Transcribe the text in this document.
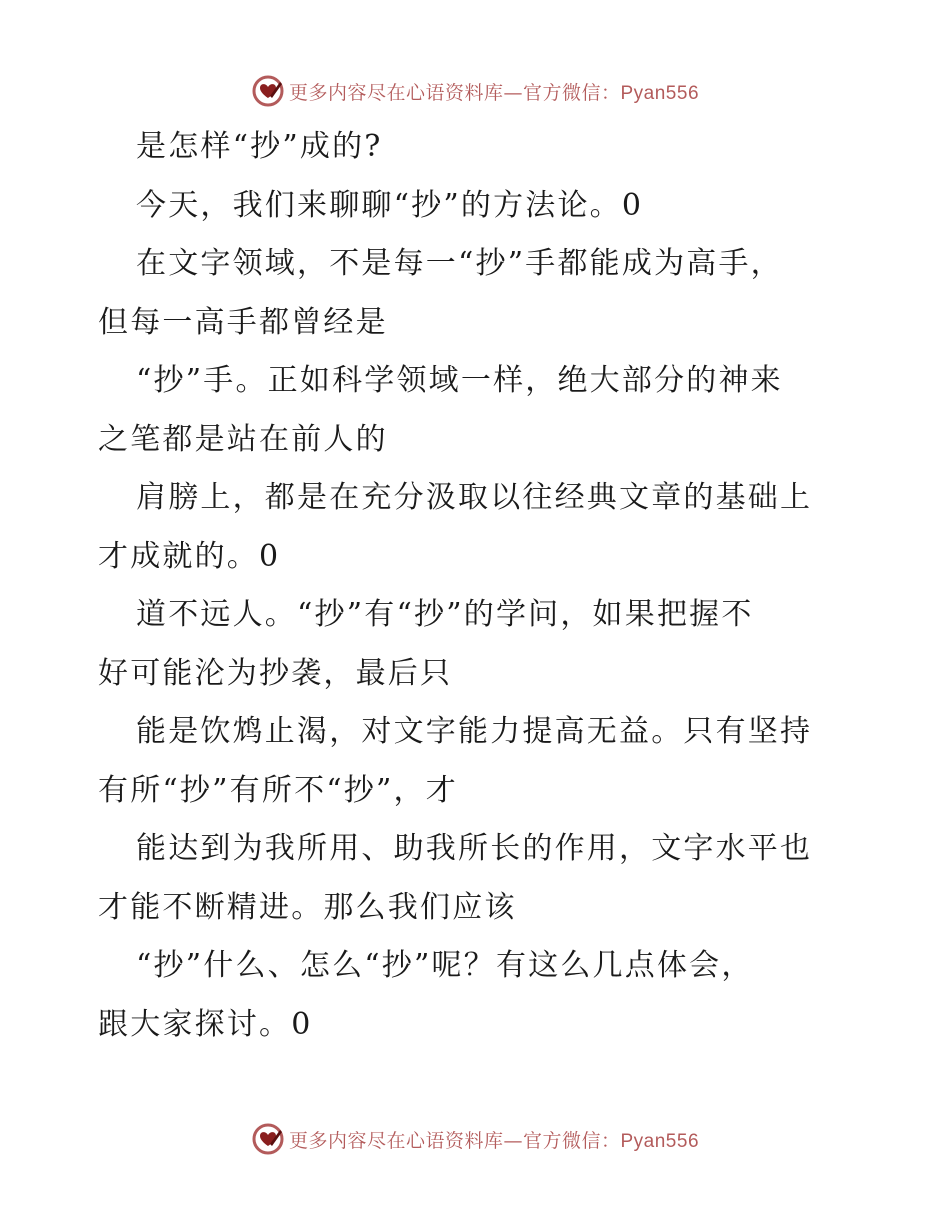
更多内容尽在心语资料库—官方微信：Pyan556
是怎样“抄”成的?
今天，我们来聊聊“抄”的方法论。0
在文字领域，不是每一“抄”手都能成为高手，
但每一高手都曾经是
“抄”手。正如科学领域一样，绝大部分的神来
之笔都是站在前人的
肩膀上，都是在充分汲取以往经典文章的基础上
才成就的。0
道不远人。“抄”有“抄”的学问，如果把握不
好可能沦为抄袭，最后只
能是饮鸩止渴，对文字能力提高无益。只有坚持
有所“抄”有所不“抄”，才
能达到为我所用、助我所长的作用，文字水平也
才能不断精进。那么我们应该
“抄”什么、怎么“抄”呢？有这么几点体会，
跟大家探讨。0
更多内容尽在心语资料库—官方微信：Pyan556
